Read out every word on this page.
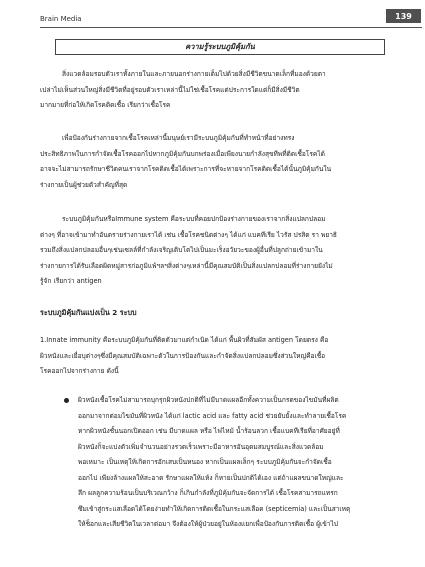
Brain Media	139
ความรู้ระบบภูมิคุ้มกัน

สิ่งแวดล้อมรอบตัวเราทั้งภายในและภายนอกร่างกายเต็มไปด้วยสิ่งมีชีวิตขนาดเล็กที่มองด้วยตา
เปล่าไม่เห็นส่วนใหญ่สิ่งมีชีวิตที่อยู่รอบตัวเราเหล่านี้ไม่ใช่เชื้อโรคแต่ประการใดแต่ก็มีสิ่งมีชีวิต
มากมายที่ก่อให้เกิดโรคติดเชื้อ เรียกว่าเชื้อโรค

เพื่อป้องกันร่างกายจากเชื้อโรคเหล่านี้มนุษย์เรามีระบบภูมิคุ้มกันที่ทำหน้าที่อย่างทรง
ประสิทธิภาพในการกำจัดเชื้อโรคออกไปหากภูมิคุ้มกันบกพร่องเมื่อเพียงนายกำลังสุขทีพที่ติดเชื้อโรคได้
อาจจะไม่สามารถรักษาชีวิตคนเราจากโรคติดเชื้อได้เพราะการที่จะหายจากโรคติดเชื้อได้นั้นภูมิคุ้มกันใน
ร่างกายเป็นผู้ช่วยตัวสำคัญที่สุด

ระบบภูมิคุ้มกันหรือImmune system คือระบบที่คอยปกป้องร่างกายของเราจากสิ่งแปลกปลอม
ต่างๆ ที่อาจเข้ามาทำอันตรายร่างกายเราได้ เช่น เชื้อโรคชนิดต่างๆ ได้แก่ แบคทีเรีย ไวรัส ปรสิต รา พยาธิ
รวมถึงสิ่งแปลกปลอมอื่นๆเช่นเซลล์ที่กำลังเจริญเติบโตไปเป็นมะเร็งอวัยวะของผู้อื่นที่ปลูกถ่ายเข้ามาใน
ร่างกายการได้รับเลือดผิดหมู่สารก่อภูมิแพ้ฯลฯสิ่งต่างๆเหล่านี้มีคุณสมบัติเป็นสิ่งแปลกปลอมที่ร่างกายยังไม่
รู้จัก เรียกว่า antigen

ระบบภูมิคุ้มกันแบ่งเป็น 2 ระบบ

1.Innate immunity คือระบบภูมิคุ้มกันที่ติดตัวมาแต่กำเนิด ได้แก่ พื้นผิวที่สัมผัส antigen โดยตรง คือ
ผิวหนังและเยื่อบุต่างๆซึ่งมีคุณสมบัติเฉพาะตัวในการป้องกันและกำจัดสิ่งแปลกปลอมซึ่งส่วนใหญ่คือเชื้อ
โรคออกไปจากร่างกาย ดังนี้

ผิวหนังเชื้อโรคไม่สามารถบุกรุกผิวหนังปกติที่ไม่มีบาดแผลอีกทั้งความเป็นกรดของไขมันที่ผลิต
ออกมาจากต่อมไขมันที่ผิวหนัง ได้แก่ lactic acid และ fatty acid ช่วยยับยั้งและทำลายเชื้อโรค
หากผิวหนังชั้นนอกเปิดออก เช่น มีบาดแผล หรือ ไฟไหม้ น้ำร้อนลวก เชื้อแบคทีเรียที่อาศัยอยู่ที่
ผิวหนังก็จะแบ่งตัวเพิ่มจำนวนอย่างรวดเร็วเพราะมีอาหารอันอุดมสมบูรณ์และสิ่งแวดล้อม
พอเหมาะ เป็นเหตุให้เกิดการอักเสบเป็นหนอง หากเป็นแผลเล็กๆ ระบบภูมิคุ้มกันจะกำจัดเชื้อ
ออกไป เพียงล้างแผลให้สะอาด รักษาแผลให้แห้ง ก็หายเป็นปกติได้เอง แต่ถ้าแผลขนาดใหญ่และ
ลึก ผลลูกความร้อนเป็นบริเวณกว้าง ก็เกินกำลังที่ภูมิคุ้มกันจะจัดการได้ เชื้อโรคสามารถแทรก
ซึมเข้าสู่กระแสเลือดได้โดยง่ายทำให้เกิดการติดเชื้อในกระแสเลือด (septicemia) และเป็นสาเหตุ
ให้ช็อกและเสียชีวิตในเวลาต่อมา จึงต้องให้ผู้ป่วยอยู่ในห้องแยกเพื่อป้องกันการติดเชื้อ ผู้เข้าไป
